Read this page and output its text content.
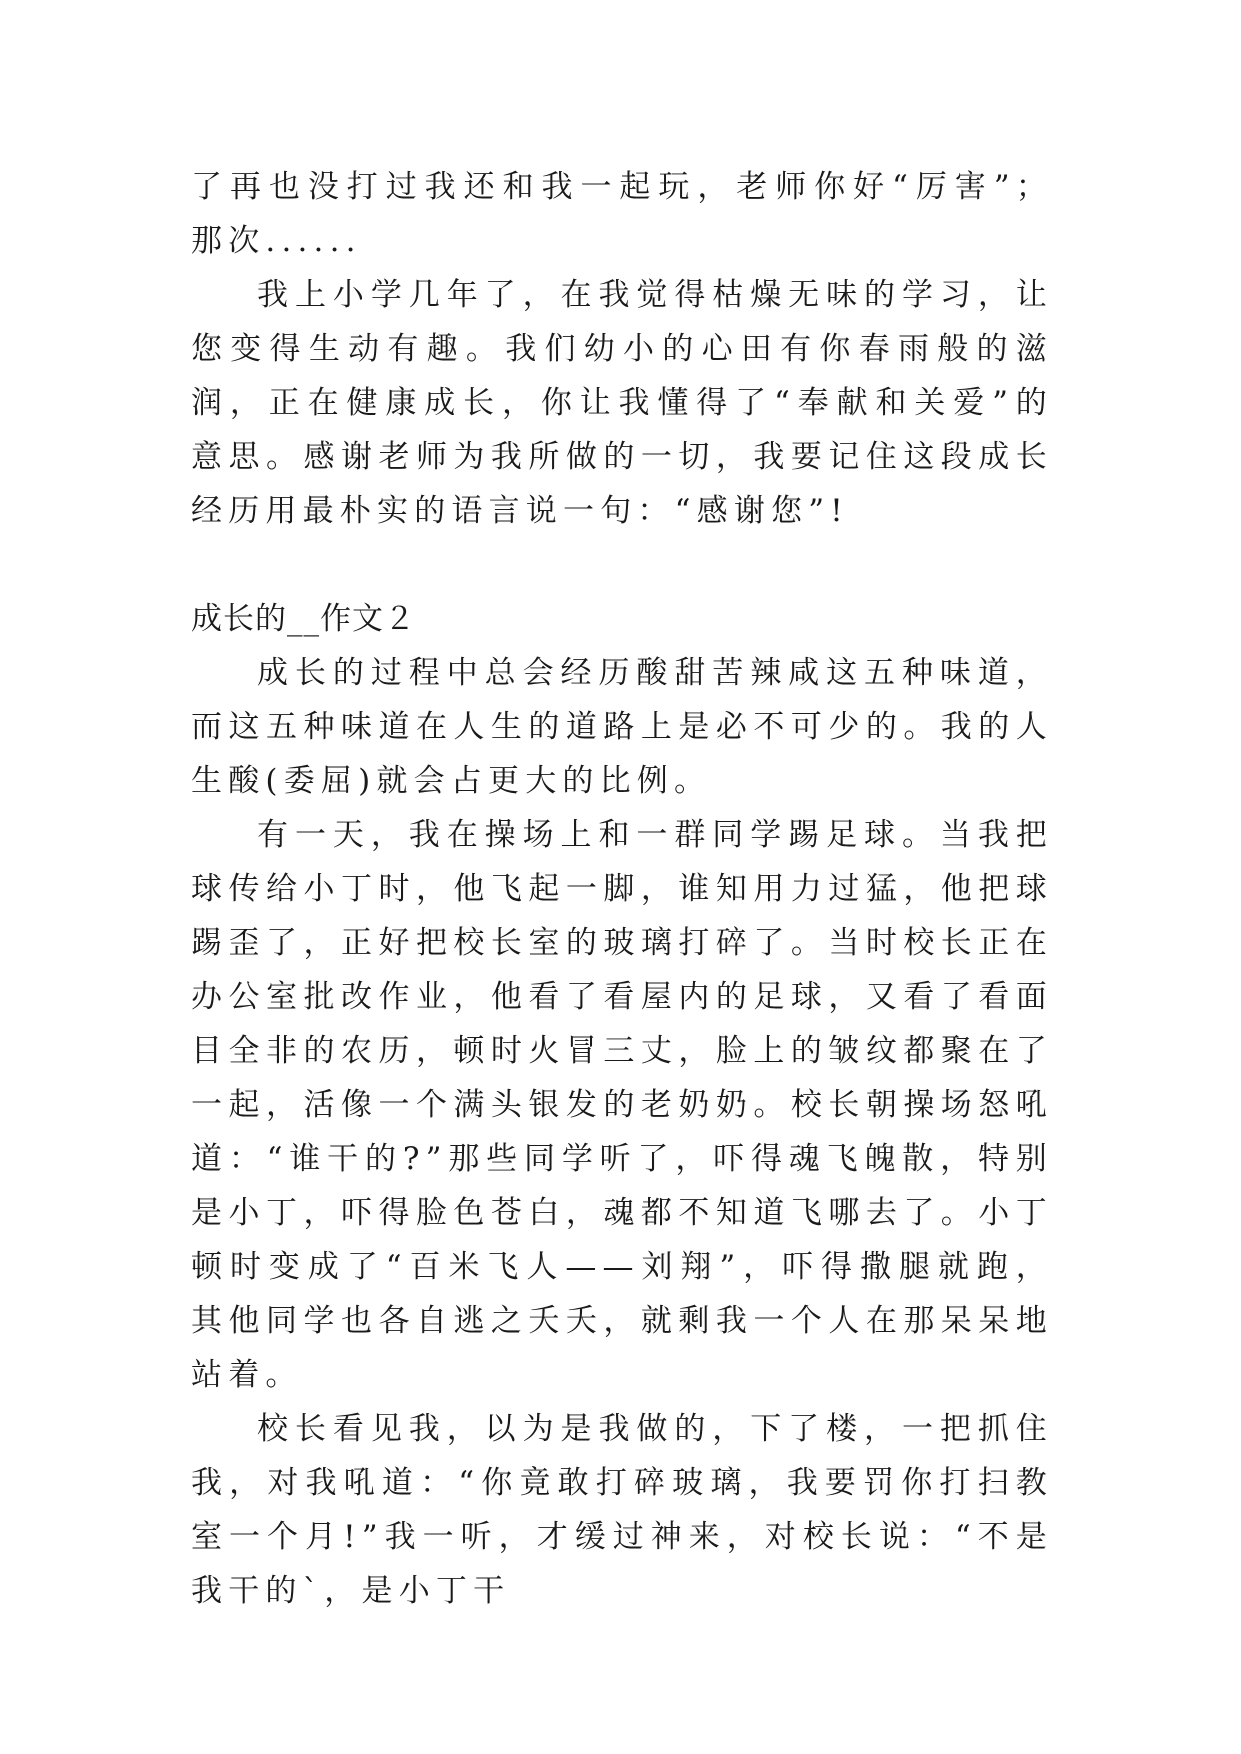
了再也没打过我还和我一起玩，老师你好“厉害”；那次......

我上小学几年了，在我觉得枯燥无味的学习，让您变得生动有趣。我们幼小的心田有你春雨般的滋润，正在健康成长，你让我懂得了“奉献和关爱”的意思。感谢老师为我所做的一切，我要记住这段成长经历用最朴实的语言说一句：“感谢您”!

成长的__作文２

成长的过程中总会经历酸甜苦辣咸这五种味道，而这五种味道在人生的道路上是必不可少的。我的人生酸(委屈)就会占更大的比例。

有一天，我在操场上和一群同学踢足球。当我把球传给小丁时，他飞起一脚，谁知用力过猛，他把球踢歪了，正好把校长室的玻璃打碎了。当时校长正在办公室批改作业，他看了看屋内的足球，又看了看面目全非的农历，顿时火冒三丈，脸上的皱纹都聚在了一起，活像一个满头银发的老奶奶。校长朝操场怒吼道：“谁干的?”那些同学听了，吓得魂飞魄散，特别是小丁，吓得脸色苍白，魂都不知道飞哪去了。小丁顿时变成了“百米飞人——刘翔”，吓得撒腿就跑，其他同学也各自逃之夭夭，就剩我一个人在那呆呆地站着。

校长看见我，以为是我做的，下了楼，一把抓住我，对我吼道：“你竟敢打碎玻璃，我要罚你打扫教室一个月!”我一听，才缓过神来，对校长说：“不是我干的`，是小丁干
